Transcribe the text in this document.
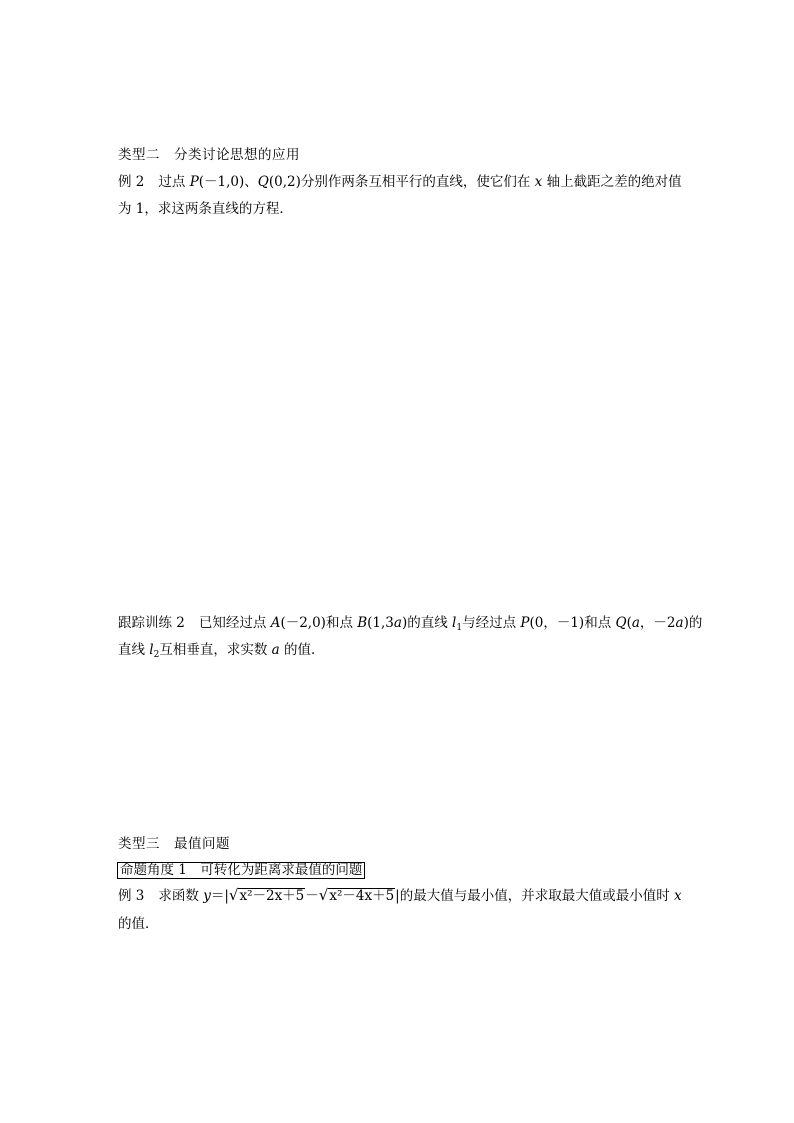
类型二 分类讨论思想的应用
例 2 过点 P(－1,0)、Q(0,2)分别作两条互相平行的直线，使它们在 x 轴上截距之差的绝对值
为 1，求这两条直线的方程．
跟踪训练 2 已知经过点 A(－2,0)和点 B(1,3a)的直线 $l_1$与经过点 P(0，－1)和点 Q(a，－2a)的
直线 $l_2$互相垂直，求实数 a 的值．
类型三 最值问题
命题角度 1　可转化为距离求最值的问题
例 3 求函数 y＝| √ x²－2x＋5 － √ x²－4x＋5 |的最大值与最小值，并求取最大值或最小值时 x
的值．
